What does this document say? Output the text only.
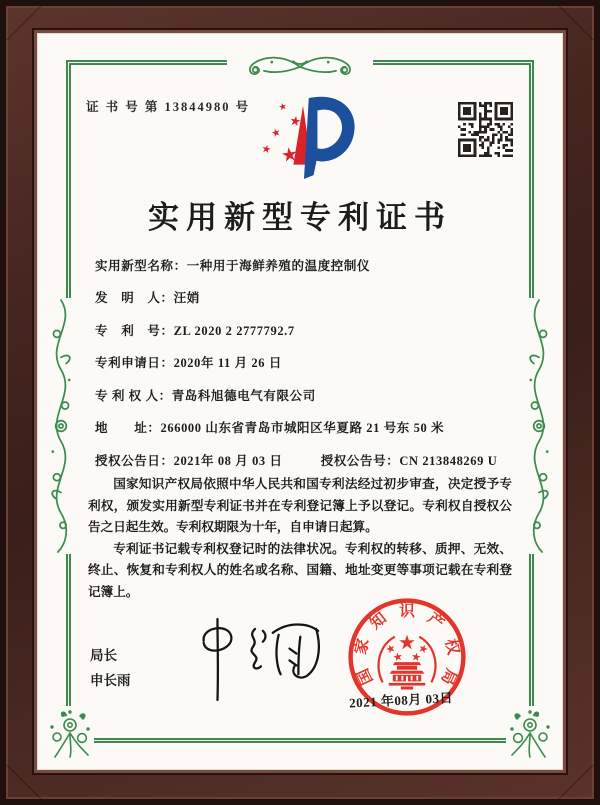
证 书 号 第 13844980 号
实用新型专利证书
实用新型名称：一种用于海鲜养殖的温度控制仪
发　明　人：汪娋
专　利　号：ZL 2020 2 2777792.7
专利申请日：2020年 11 月 26 日
专 利 权 人：青岛科旭德电气有限公司
地　　址：266000 山东省青岛市城阳区华夏路 21 号东 50 米
授权公告日：2021年 08 月 03 日	授权公告号：CN 213848269 U

国家知识产权局依照中华人民共和国专利法经过初步审查，决定授予专利权，颁发实用新型专利证书并在专利登记簿上予以登记。专利权自授权公告之日起生效。专利权期限为十年，自申请日起算。

专利证书记载专利权登记时的法律状况。专利权的转移、质押、无效、终止、恢复和专利权人的姓名或名称、国籍、地址变更等事项记载在专利登记簿上。

局长
申长雨	国
家
知 识 产
权
局
2021 年08月 03日
